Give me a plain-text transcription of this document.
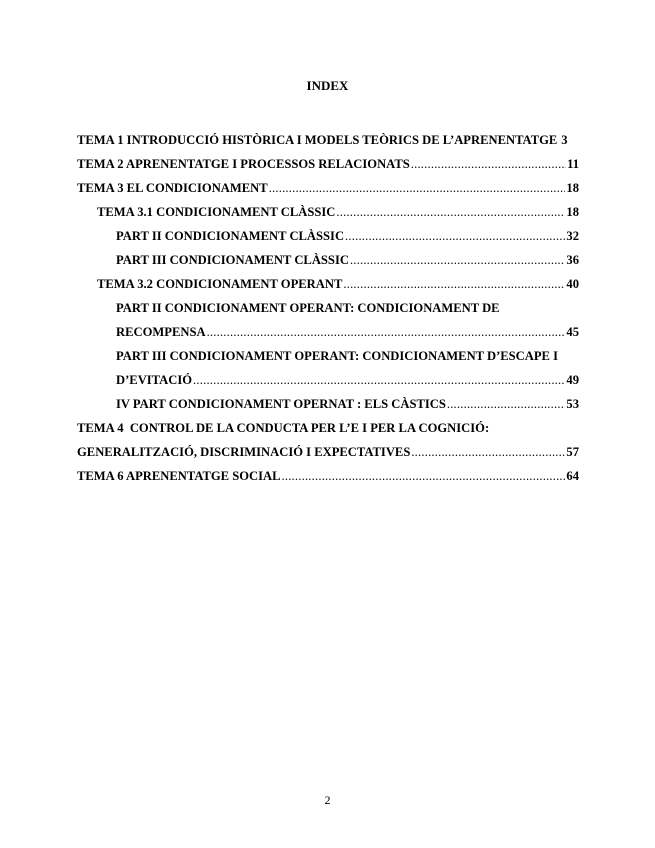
INDEX
TEMA 1 INTRODUCCIÓ HISTÒRICA I MODELS TEÒRICS DE L’APRENENTATGE 3
TEMA 2 APRENENTATGE I PROCESSOS RELACIONATS .....	11
TEMA 3 EL CONDICIONAMENT .....	18
TEMA 3.1 CONDICIONAMENT CLÀSSIC .....	18
PART II CONDICIONAMENT CLÀSSIC .....	32
PART III CONDICIONAMENT CLÀSSIC .....	36
TEMA 3.2 CONDICIONAMENT OPERANT .....	40
PART II CONDICIONAMENT OPERANT: CONDICIONAMENT DE
RECOMPENSA .....	45
PART III CONDICIONAMENT OPERANT: CONDICIONAMENT D’ESCAPE I
D’EVITACIÓ .....	49
IV PART CONDICIONAMENT OPERNAT : ELS CÀSTICS .....	53
TEMA 4  CONTROL DE LA CONDUCTA PER L’E I PER LA COGNICIÓ:
GENERALITZACIÓ, DISCRIMINACIÓ I EXPECTATIVES .....	57
TEMA 6 APRENENTATGE SOCIAL .....	64
2
